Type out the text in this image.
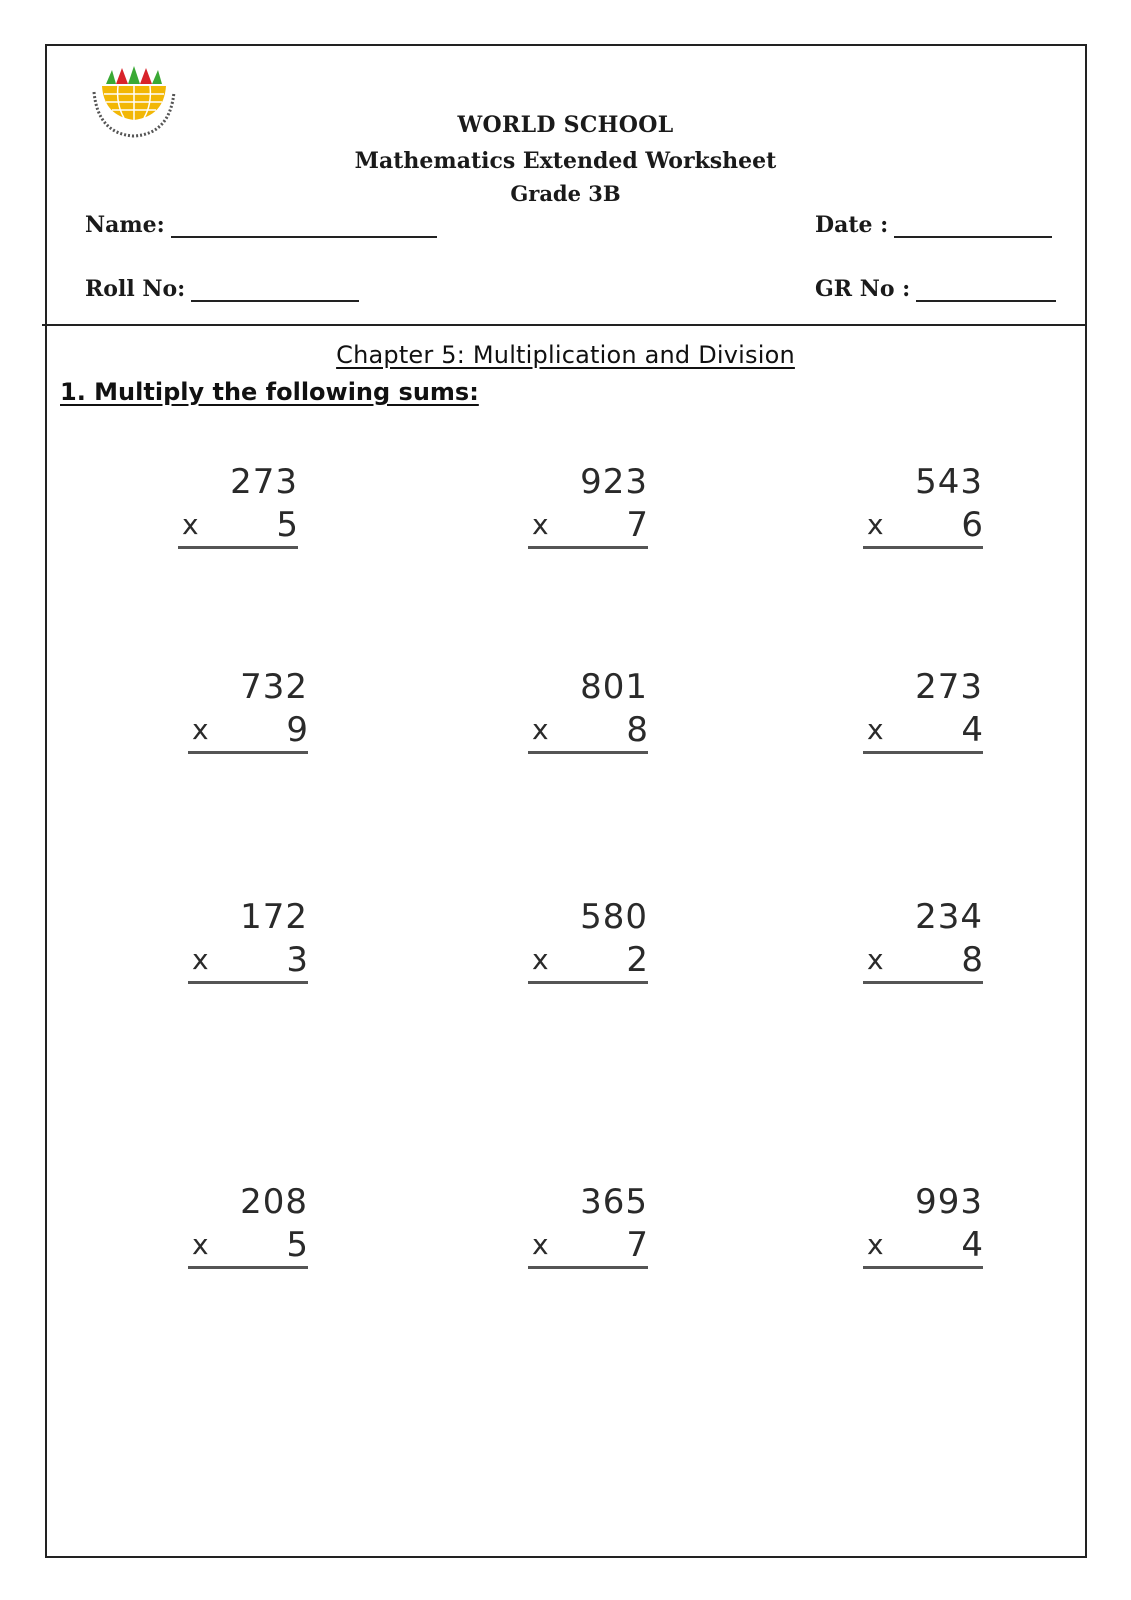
WORLD SCHOOL
Mathematics Extended Worksheet
Grade 3B
Name:	Date :
Roll No:	GR No :
Chapter 5: Multiplication and Division
1. Multiply the following sums:
273
x 5
923
x 7
543
x 6
732
x 9
801
x 8
273
x 4
172
x 3
580
x 2
234
x 8
208
x 5
365
x 7
993
x 4
